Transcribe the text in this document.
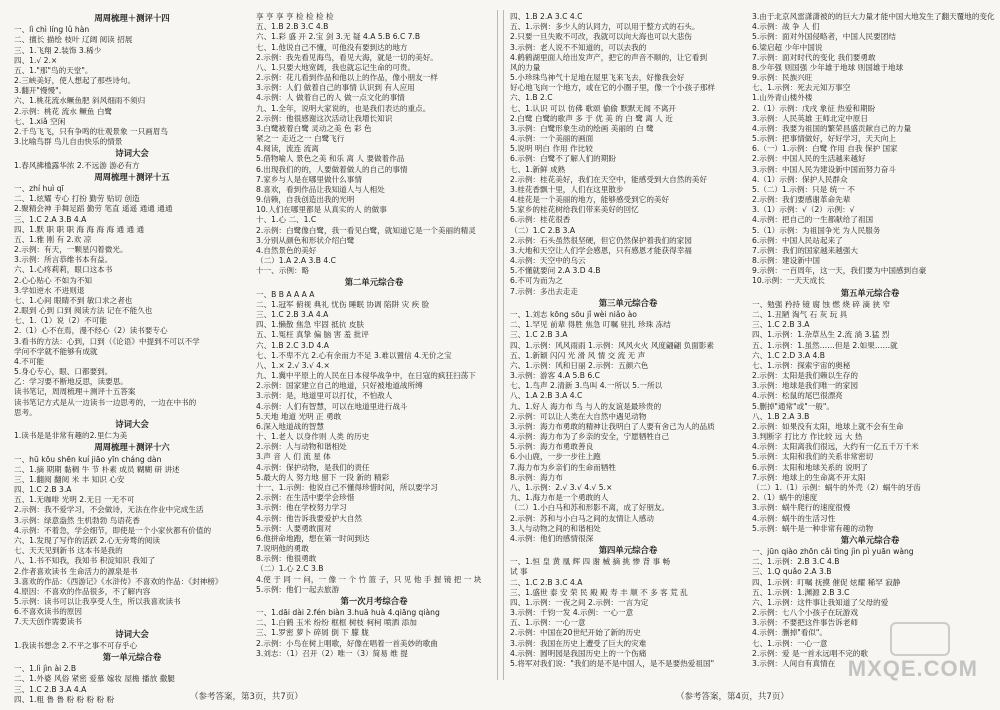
周周梳理＋测评十四
一、lì chì líng lǔ hàn
二、擅长 描绘 枝叶 辽阔 阅读 招展
三、1.飞翔 2.装饰 3.稀少
四、1.√ 2.×
五、1."那"鸟的天堂"。
2.三峡美好，使人想起了那些诗句。
3.翻开"慢慢"。
六、1.桃花流水鳜鱼肥 斜风细雨不须归
2.示例：桃花 流水 鳜鱼 白鹭
七、1.xiǎ 空闲
2.千鸟飞飞，只有争鸣的壮观景象 一只画眉鸟
3.比喻鸟群 鸟儿自由快乐的情景
诗词大会
1.春风拂槛露华浓 2.不远游 游必有方
周周梳理＋测评十五
一、zhí huì qī
二、1.炫耀 专心 打扮 勤劳 贴切 创造
2.聚精会神 手舞足蹈 勤劳 笔直 遥遥 通通 通通
三、1.C 2.A 3.B 4.A
四、1.默 职 职 职 海 海 海 海 通 通 通
五、1.雅 刚 有 2.欢 凉
2.示例：有天，一颗星闪着微光。
3.示例：所言恭维书本有益。
六、1.心疼莉莉，眼口这本书
2.心心贴心 不如为不知
3.学如逆水 不进则退
七、1.心间 眼睛不到 敏口求之者也
2.眼到 心到 口到 阅读方法 记在不能久也
七、1.（1）说（2）不可能
2.（1）心不在焉，漫不经心（2）读书要专心
3.看书的方法：心到，口到（《论语》中提到不可以不学
学问不学就不能够有成就
4.不可能
5.身心专心，眼、口都要到。
乙：学习要不断地反思，读要思。
读书笔记，周周梳理＋测评十五答案
读书笔记方式是从一边读书一边思考的，一边在中书的
思考。
诗词大会
1.读书是是非常有趣的2.里仁为美
周周梳理＋测评十六
一、hū kōu shēn kuí jiāo yīn cháng dàn
二、1.摘 期期 黏稠 牛 节 朴素 成员 糊糊 研 讲述
三、1.翻阅 翻阅 米 丰 知识 心安
四、1.C 2.B 3.A
五、1.无咖啡 光明 2.无日 一无不可
2.示例：我不爱学习，不会做诗，无法在作业中完成生活
3.示例：绿意盎然 生机勃勃 鸟语花香
4.示例：不着急，学会细节，即使是一个小家伙都有价值的
六、1.发现了写作的活跃 2.心无旁骛的阅读
七、天天见到新书 这本书是我的
八、1.书不知我，我知书 积淀知识 我知了
2.作者喜欢读书 生命活力的源泉是书
3.喜欢的作品：《西游记》《水浒传》不喜欢的作品：《封神榜》
4.原因：不喜欢的作品很多，不了解内容
5.示例：读书可以让我享受人生，所以我喜欢读书
6.不喜欢读书的原因
7.天天创作需要读书
诗词大会
1.我读书想念 2.不平之事不可存乎心
第一单元综合卷
一、1.lì jìn ài 2.B
二、1.外婆 风俗 紧密 爱慕 嫁妆 屋檐 播放 撒腿
三、1.C 2.B 3.A 4.A
四、1.粗 鲁 鲁 粉 粉 粉 粉 粉
享 亨 享 亨 检 检 检 检
五、1.B 2.B 3.C 4.B
六、1.彩 盛 开 2.宝 剑 3.无 疑 4.A 5.B 6.C 7.B
七、1.他说自己不懂，可他没有要到达的地方
2.示例：我先看见海鸟，看见大海，就是一切的美好。
八、1.只要大地宽阔，我也就忘记生命的可贵。
2.示例：花儿看到作品和他以上的作品，像小朋友一样
3.示例：人们 做着自己的事情 认识到 有人应用
4.示例：人 做着自己的人 做一点文化的事情
九、1.全年，说明大家说的，也是我们表达的重点。
2.示例：他很感谢这次活动让我增长知识
3.白鹭被着白鹭 灵动之美 色 彩 色
紧之一 走近之一 白鹭飞行
4.阅读，流连 流离
5.借物喻人 景色之美 和乐 离 人 要做着作品
6.出现我们的的，人要做着做人的自己的事情
7.家乡与人是在哪里做什么事情
8.喜欢，看到作品让我知道人与人相处
9.信赖，自我创造出我的光明
10.人们在哪里都是 从真实的人 的做事
十、1.心 二、1.C
2.示例：白鹭像白鹭，我一看见白鹭，就知道它是一个美丽的精灵
3.分别从颜色和形状介绍白鹭
4.自然景色的美好
（二）1.A 2.A 3.B 4.C
十一、示例：略
第二单元综合卷
一、B B A A A A
二、1.冠军 俯视 典礼 忧伤 睡眠 协调 陷阱 灾 疾 脸
三、1.C 2.B 3.A 4.A
四、1.懒散 焦急 牢固 抵抗 皮肤
五、1.冤枉 真挚 偏 脑 害 羞 批评
六、1.B 2.C 3.D 4.A
七、1.不卑不亢 2.心有余而力不足 3.难以置信 4.无价之宝
八、1.× 2.√ 3.√ 4.×
九、1.冀中平原上的人民在日本侵华战争中，在日寇的疯狂扫荡下
2.示例：国家建立自己的地道，只好被地道战所缚
3.示例：是，地道里可以打仗，不怕敌人
4.示例：人们有智慧，可以在地道里进行战斗
5.天地 地道 光明 正 勇敢
6.深入地道战的智慧
十、1.老人 以身作则 人类 的历史
2.示例：人与动物和谐相处
3.声 音 人 们 流 星 体
4.示例：保护动物，是我们的责任
5.最大的人 努力地 留下 一段 新的 精彩
十一、1.示例：他说自己不懂得珍惜时间，所以要学习
2.示例：在生活中要学会珍惜
3.示例：他在学校努力学习
4.示例：他告诉我要爱护大自然
5.示例：人要勇敢面对
6.他拼命地跑，想在第一时间到达
7.说明他的勇敢
8.示例：他很勇敢
（二）1.心 2.C 3.B
4.使 于 同 一 问，一 像 一 个 竹 篮 子，只 见 他 手 握 镜 把 一 块
5.示例：他们一起去旅游
第一次月考综合卷
一、1.dāi dài 2.fén biàn 3.huā huà 4.qiāng qiàng
二、1.白鹤 玉米 纷纷 框框 树枝 柯柯 喷洒 添加
三、1.罗密 萝卜 碎屑 倒 下 朦 胧
2.示例：小鸟在树上唱歌，好像在唱着一首美妙的歌曲
3.刘志：（1）召开（2）唯一（3）简易 维 提
四、1.B 2.A 3.C 4.C
五、1.示例：多少人的认同力，可以用于整方式的石头。
2.只要一旦失败不可改，我就可以向大海也可以大悲伤
3.示例：老人说不不知道的，可以去我的
4.鹤鹤湖里面人给出发声产，把它的声音不顺的，让它看到
风的力量
5.小珍珠鸟神气十足地在屋里飞来飞去，好像我会好
好心地飞向一个地方，或在它的小圈子里，像一个小孩子那样
六、1.B 2.C
七、1.认识 可以 仿佛 歌颂 偷偷 默默无闻 不离开
2.白鹭 白鹭的歌声 多 于 优 美 的 白 鹭 离 人 近
3.示例：白鹭形象生动的绘画 美丽的 白 鹭
4.示例：一个美丽的画面
5.说明 明白 作用 作比较
6.示例：白鹭不了解人们的期盼
七、1.新鲜 成熟
2.示例：桂花美好，我们在天空中，能感受到大自然的美好
3.桂花香飘十里，人们在这里散步
4.桂花是一个美丽的地方，能够感受到它的美好
5.家乡的桂花树给我们带来美好的回忆
6.示例：桂花很香
（二）1.C 2.B 3.A
2.示例：石头虽然很坚硬，但它仍然保护着我们的家园
3.大地和天空让人们学会感恩，只有感恩才能获得幸福
4.示例：天空中的乌云
5.不懂就要问 2.A 3.D 4.B
6.不可为而为之
7.示例：多出去走走
第三单元综合卷
一、1.刘志 kōng sōu jǐ wèi niǎo ào
二、1.罕见 前辈 得胜 焦急 叮嘱 驻扎 珍珠 冻结
三、1.C 2.B 3.A
四、1.示例：风风雨雨 1.示例：风风火火 风度翩翩 负面影素
五、1.新颖 闪闪 光 滑 风 情 交 流 无 声
六、1.示例：风和日丽 2.示例：五颜六色
3.示例：游客 4.A 5.B 6.C
七、1.鸟声 2.清新 3.鸟叫 4.一所以 5.一所以
八、1.A 2.B 3.A 4.C
九、1.好人 海力布 鸟 与人的友谊是最珍贵的
2.示例：可以让人类在大自然中遇见动物
3.示例：海力布勇敢的精神让我明白了人要有舍己为人的品质
4.示例：海力布为了乡亲的安全，宁愿牺牲自己
5.示例：海力布勇敢善良
6.小山鹿，一步一步往上跑
7.海力布为乡亲们的生命而牺牲
8.示例：海力布
八、1.示例：2.√ 3.√ 4.√ 5.×
九、1.海力布是一个勇敢的人
（二）1.小白马和苏和形影不离，成了好朋友。
2.示例：苏和与小白马之间的友情让人感动
3.人与动物之间的和谐相处
4.示例：他们的感情很深
第四单元综合卷
一、1.恒 皇 黄 凰 辉 四 谢 械 摘 挑 惨 背 事 畅
试 事
二、1.C 2.B 3.C 4.A
三、1.盛世 泰 安 荣 民 殿 殿 寿 丰 顺 不 多 客 荒 乱
四、1.示例：一夜之间 2.示例：一言为定
3.示例：千钧一发 4.示例：一心一意
五、1.示例：一心一意
2.示例：中国在20世纪开始了新的历史
3.示例：我国在历史上遭受了巨大的灾难
4.示例：圆明园是我国历史上的一个伤痛
5.将军对我们说："我们的是不是中国人，是不是要热爱祖国"
3.由于北京风雷潇潇被的的巨大力量才能中国大地发生了翻天覆地的变化
4.示例：战 争 人 们
5.示例：面对外国侵略者，中国人民要团结
6.梁启超 少年中国说
7.示例：面对时代的变化 我们要勇敢
8.少年强 则国强 少年雄于地球 则国雄于地球
9.示例：民族兴旺
七、1.示例：死去元知万事空
1.山外青山楼外楼
2.（1）示例：戊戌 象征 热爱和期盼
3.示例：人民英雄 王师北定中原日
4.示例：我要为祖国的繁荣昌盛贡献自己的力量
5.示例：把事情做好，好好学习，天天向上
6.（一）1.示例：白鹭 作用 自我 保护 国家
2.示例：中国人民的生活越来越好
3.示例：中国人民为建设新中国而努力奋斗
4.（1）示例：保护人民群众
5.（二）1.示例：只是 统一 不
2.示例：我们要感谢革命先辈
3.（1）示例：√（2）示例：√
4.示例：把自己的一生都献给了祖国
5.（1）示例：为祖国争光 为人民服务
6.示例：中国人民站起来了
7.示例：我们的国家越来越强大
8.示例：建设新中国
9.示例：一百周年，这一天，我们要为中国感到自豪
10.示例：一天天成长
第五单元综合卷
一、勉强 矜持 镜 腐 蚀 燃 烧 碎 滴 狭 窄
二、1.丑陋 淘气 石 灰 玩 具
三、1.C 2.B 3.A
四、1.示例：1.杂草丛生 2.流 淌 3.猛 烈
五、1.示例：1.虽然……但是 2.如果……就
六、1.C 2.D 3.A 4.B
七、1.示例：探索宇宙的奥秘
2.示例：太阳是我们赖以生存的
3.示例：地球是我们唯一的家园
4.示例：松鼠的尾巴很漂亮
5.删掉"通常"或"一般"。
八、1.B 2.A 3.B
2.示例：如果没有太阳，地球上就不会有生命
3.判断字 打比方 作比较 远 大 热
4.示例：太阳离我们很远，大约有一亿五千万千米
5.示例：太阳和我们的关系非常密切
6.示例：太阳和地球关系的 说明了
7.示例：地球上的生命离不开太阳
（二）1.（1）示例：蜗牛的外壳（2）蜗牛的牙齿
2.（1）蜗牛的速度
3.示例：蜗牛爬行的速度很慢
4.示例：蜗牛的生活习性
5.示例：蜗牛是一种非常有趣的动物
第六单元综合卷
一、jūn qiào zhōn cǎi tìng jìn pì yuān wàng
二、1.示例：2.B 3.C 4.B
三、1.Q quǎo 2.A 3.B
四、1.示例：叮嘱 抚摸 催促 炫耀 稀罕 寂静
五、1.示例：1.渊源 2.B 3.C
六、1.示例：这件事让我知道了父母的爱
2.示例：七八个小孩子在玩游戏
3.示例：不要把这件事告诉老师
4.示例：删掉"看似"。
七、1.示例：一心一意
2.示例：爱 是一首永远唱不完的歌
3.示例：人间自有真情在
（参考答案，第3页，共7页）	（参考答案，第4页，共7页）
MXQE.COM
